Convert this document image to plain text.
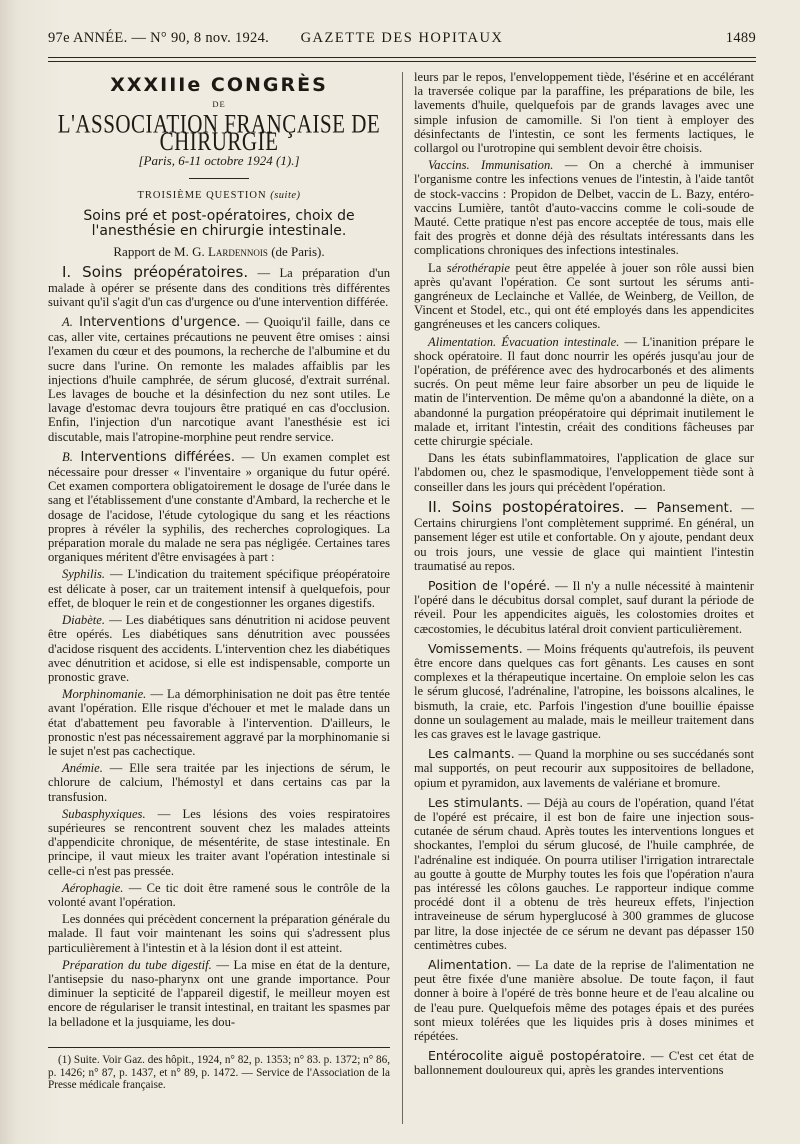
97e ANNÉE. — N° 90, 8 nov. 1924.	GAZETTE DES HOPITAUX	1489
XXXIIIe CONGRÈS
DE
L'ASSOCIATION FRANÇAISE DE CHIRURGIE
[Paris, 6-11 octobre 1924 (1).]
TROISIÈME QUESTION (suite)
Soins pré et post-opératoires, choix de l'anesthésie en chirurgie intestinale.
Rapport de M. G. Lardennois (de Paris).

I. Soins préopératoires. — La préparation d'un malade à opérer se présente dans des conditions très différentes suivant qu'il s'agit d'un cas d'urgence ou d'une intervention différée.

A. Interventions d'urgence. — Quoiqu'il faille, dans ce cas, aller vite, certaines précautions ne peuvent être omises : ainsi l'examen du cœur et des poumons, la recherche de l'albumine et du sucre dans l'urine. On remonte les malades affaiblis par les injections d'huile camphrée, de sérum glucosé, d'extrait surrénal. Les lavages de bouche et la désinfection du nez sont utiles. Le lavage d'estomac devra toujours être pratiqué en cas d'occlusion. Enfin, l'injection d'un narcotique avant l'anesthésie est ici discutable, mais l'atropine-morphine peut rendre service.

B. Interventions différées. — Un examen complet est nécessaire pour dresser « l'inventaire » organique du futur opéré. Cet examen comportera obligatoirement le dosage de l'urée dans le sang et l'établissement d'une constante d'Ambard, la recherche et le dosage de l'acidose, l'étude cytologique du sang et les réactions propres à révéler la syphilis, des recherches coprologiques. La préparation morale du malade ne sera pas négligée. Certaines tares organiques méritent d'être envisagées à part :

Syphilis. — L'indication du traitement spécifique préopératoire est délicate à poser, car un traitement intensif à quelquefois, pour effet, de bloquer le rein et de congestionner les organes digestifs.

Diabète. — Les diabétiques sans dénutrition ni acidose peuvent être opérés. Les diabétiques sans dénutrition avec poussées d'acidose risquent des accidents. L'intervention chez les diabétiques avec dénutrition et acidose, si elle est indispensable, comporte un pronostic grave.

Morphinomanie. — La démorphinisation ne doit pas être tentée avant l'opération. Elle risque d'échouer et met le malade dans un état d'abattement peu favorable à l'intervention. D'ailleurs, le pronostic n'est pas nécessairement aggravé par la morphinomanie si le sujet n'est pas cachectique.

Anémie. — Elle sera traitée par les injections de sérum, le chlorure de calcium, l'hémostyl et dans certains cas par la transfusion.

Subasphyxiques. — Les lésions des voies respiratoires supérieures se rencontrent souvent chez les malades atteints d'appendicite chronique, de mésentérite, de stase intestinale. En principe, il vaut mieux les traiter avant l'opération intestinale si celle-ci n'est pas pressée.

Aérophagie. — Ce tic doit être ramené sous le contrôle de la volonté avant l'opération.

Les données qui précèdent concernent la préparation générale du malade. Il faut voir maintenant les soins qui s'adressent plus particulièrement à l'intestin et à la lésion dont il est atteint.

Préparation du tube digestif. — La mise en état de la denture, l'antisepsie du naso-pharynx ont une grande importance. Pour diminuer la septicité de l'appareil digestif, le meilleur moyen est encore de régulariser le transit intestinal, en traitant les spasmes par la belladone et la jusquiame, les dou-

(1) Suite. Voir Gaz. des hôpit., 1924, n° 82, p. 1353; n° 83. p. 1372; n° 86, p. 1426; n° 87, p. 1437, et n° 89, p. 1472. — Service de l'Association de la Presse médicale française.

leurs par le repos, l'enveloppement tiède, l'ésérine et en accélérant la traversée colique par la paraffine, les préparations de bile, les lavements d'huile, quelquefois par de grands lavages avec une simple infusion de camomille. Si l'on tient à employer des désinfectants de l'intestin, ce sont les ferments lactiques, le collargol ou l'urotropine qui semblent devoir être choisis.

Vaccins. Immunisation. — On a cherché à immuniser l'organisme contre les infections venues de l'intestin, à l'aide tantôt de stock-vaccins : Propidon de Delbet, vaccin de L. Bazy, entéro-vaccins Lumière, tantôt d'auto-vaccins comme le coli-soude de Mauté. Cette pratique n'est pas encore acceptée de tous, mais elle fait des progrès et donne déjà des résultats intéressants dans les complications chroniques des infections intestinales.

La sérothérapie peut être appelée à jouer son rôle aussi bien après qu'avant l'opération. Ce sont surtout les sérums anti-gangréneux de Leclainche et Vallée, de Weinberg, de Veillon, de Vincent et Stodel, etc., qui ont été employés dans les appendicites gangréneuses et les cancers coliques.

Alimentation. Évacuation intestinale. — L'inanition prépare le shock opératoire. Il faut donc nourrir les opérés jusqu'au jour de l'opération, de préférence avec des hydrocarbonés et des aliments sucrés. On peut même leur faire absorber un peu de liquide le matin de l'intervention. De même qu'on a abandonné la diète, on a abandonné la purgation préopératoire qui déprimait inutilement le malade et, irritant l'intestin, créait des conditions fâcheuses par cette chirurgie spéciale.

Dans les états subinflammatoires, l'application de glace sur l'abdomen ou, chez le spasmodique, l'enveloppement tiède sont à conseiller dans les jours qui précèdent l'opération.

II. Soins postopératoires. — Pansement. — Certains chirurgiens l'ont complètement supprimé. En général, un pansement léger est utile et confortable. On y ajoute, pendant deux ou trois jours, une vessie de glace qui maintient l'intestin traumatisé au repos.

Position de l'opéré. — Il n'y a nulle nécessité à maintenir l'opéré dans le décubitus dorsal complet, sauf durant la période de réveil. Pour les appendicites aiguës, les colostomies droites et cæcostomies, le décubitus latéral droit convient particulièrement.

Vomissements. — Moins fréquents qu'autrefois, ils peuvent être encore dans quelques cas fort gênants. Les causes en sont complexes et la thérapeutique incertaine. On emploie selon les cas le sérum glucosé, l'adrénaline, l'atropine, les boissons alcalines, le bismuth, la craie, etc. Parfois l'ingestion d'une bouillie épaisse donne un soulagement au malade, mais le meilleur traitement dans les cas graves est le lavage gastrique.

Les calmants. — Quand la morphine ou ses succédanés sont mal supportés, on peut recourir aux suppositoires de belladone, opium et pyramidon, aux lavements de valériane et bromure.

Les stimulants. — Déjà au cours de l'opération, quand l'état de l'opéré est précaire, il est bon de faire une injection sous-cutanée de sérum chaud. Après toutes les interventions longues et shockantes, l'emploi du sérum glucosé, de l'huile camphrée, de l'adrénaline est indiquée. On pourra utiliser l'irrigation intrarectale au goutte à goutte de Murphy toutes les fois que l'opération n'aura pas intéressé les côlons gauches. Le rapporteur indique comme procédé dont il a obtenu de très heureux effets, l'injection intraveineuse de sérum hyperglucosé à 300 grammes de glucose par litre, la dose injectée de ce sérum ne devant pas dépasser 150 centimètres cubes.

Alimentation. — La date de la reprise de l'alimentation ne peut être fixée d'une manière absolue. De toute façon, il faut donner à boire à l'opéré de très bonne heure et de l'eau alcaline ou de l'eau pure. Quelquefois même des potages épais et des purées sont mieux tolérées que les liquides pris à doses minimes et répétées.

Entérocolite aiguë postopératoire. — C'est cet état de ballonnement douloureux qui, après les grandes interventions
